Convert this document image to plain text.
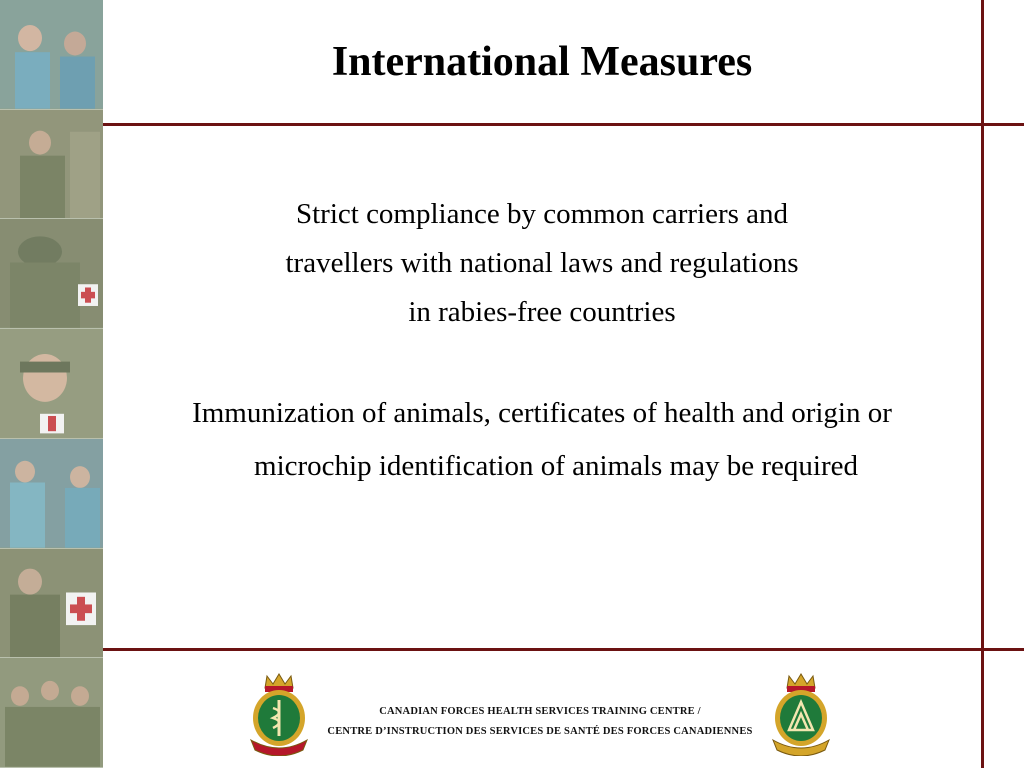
International Measures

Strict compliance by common carriers and
travellers with national laws and regulations
in rabies-free countries

Immunization of animals, certificates of health and origin or
microchip identification of animals may be required

CANADIAN FORCES HEALTH SERVICES TRAINING CENTRE /
CENTRE D’INSTRUCTION DES SERVICES DE SANTÉ DES FORCES CANADIENNES
